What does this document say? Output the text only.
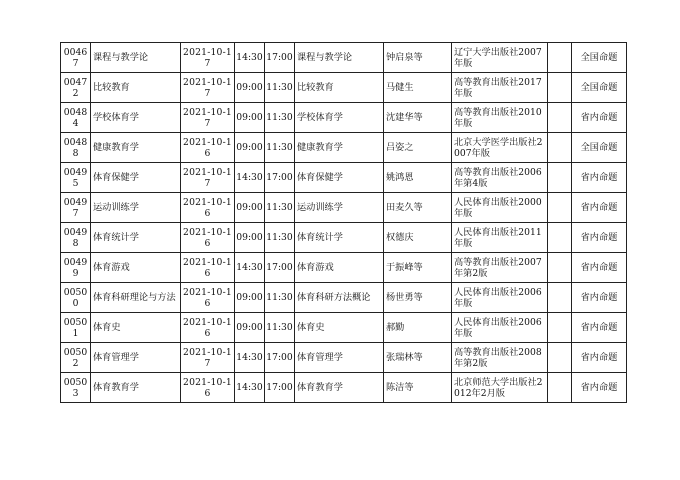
00467	课程与教学论	2021-10-17	14:30	17:00	课程与教学论	钟启泉等	辽宁大学出版社2007年版		全国命题
00472	比较教育	2021-10-17	09:00	11:30	比较教育	马健生	高等教育出版社2017年版		全国命题
00484	学校体育学	2021-10-17	09:00	11:30	学校体育学	沈建华等	高等教育出版社2010年版		省内命题
00488	健康教育学	2021-10-16	09:00	11:30	健康教育学	吕姿之	北京大学医学出版社2007年版		全国命题
00495	体育保健学	2021-10-17	14:30	17:00	体育保健学	姚鸿恩	高等教育出版社2006年第4版		省内命题
00497	运动训练学	2021-10-16	09:00	11:30	运动训练学	田麦久等	人民体育出版社2000年版		省内命题
00498	体育统计学	2021-10-16	09:00	11:30	体育统计学	权德庆	人民体育出版社2011年版		省内命题
00499	体育游戏	2021-10-16	14:30	17:00	体育游戏	于振峰等	高等教育出版社2007年第2版		省内命题
00500	体育科研理论与方法	2021-10-16	09:00	11:30	体育科研方法概论	杨世勇等	人民体育出版社2006年版		省内命题
00501	体育史	2021-10-16	09:00	11:30	体育史	郝勤	人民体育出版社2006年版		省内命题
00502	体育管理学	2021-10-17	14:30	17:00	体育管理学	张瑞林等	高等教育出版社2008年第2版		省内命题
00503	体育教育学	2021-10-16	14:30	17:00	体育教育学	陈洁等	北京师范大学出版社2012年2月版		省内命题
